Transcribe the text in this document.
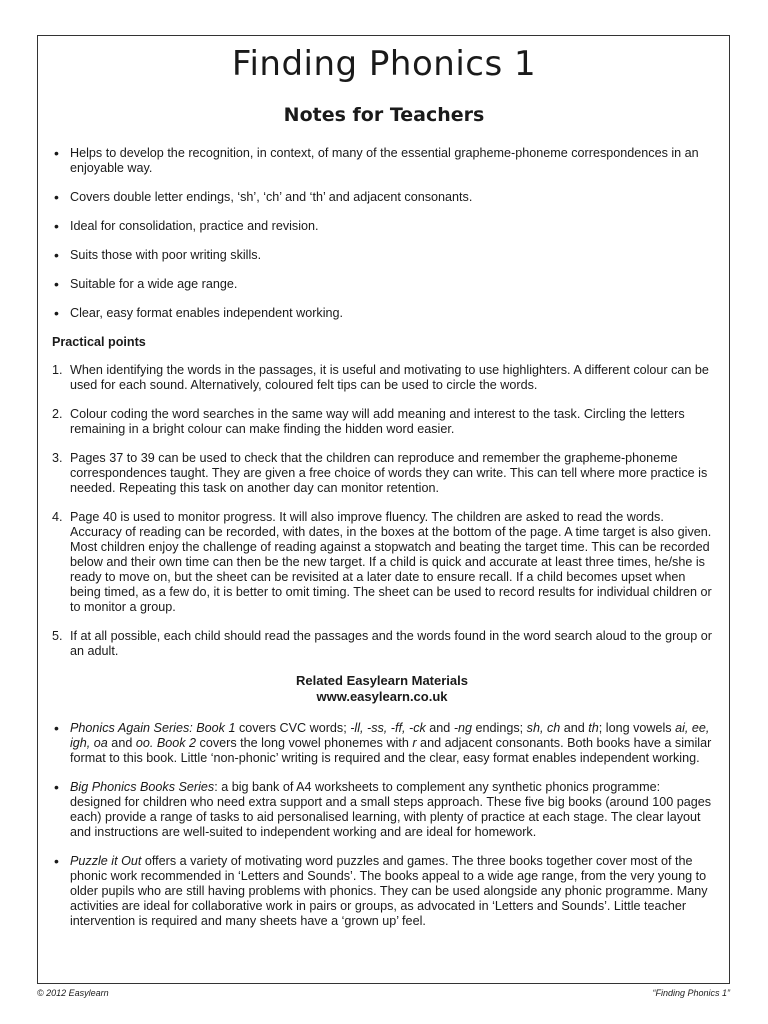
Finding Phonics 1
Notes for Teachers
• Helps to develop the recognition, in context, of many of the essential grapheme-phoneme correspondences in an enjoyable way.
• Covers double letter endings, ‘sh’, ‘ch’ and ‘th’ and adjacent consonants.
• Ideal for consolidation, practice and revision.
• Suits those with poor writing skills.
• Suitable for a wide age range.
• Clear, easy format enables independent working.
Practical points
1. When identifying the words in the passages, it is useful and motivating to use highlighters. A different colour can be used for each sound. Alternatively, coloured felt tips can be used to circle the words.
2. Colour coding the word searches in the same way will add meaning and interest to the task. Circling the letters remaining in a bright colour can make finding the hidden word easier.
3. Pages 37 to 39 can be used to check that the children can reproduce and remember the grapheme-phoneme correspondences taught. They are given a free choice of words they can write. This can tell where more practice is needed. Repeating this task on another day can monitor retention.
4. Page 40 is used to monitor progress. It will also improve fluency. The children are asked to read the words. Accuracy of reading can be recorded, with dates, in the boxes at the bottom of the page. A time target is also given. Most children enjoy the challenge of reading against a stopwatch and beating the target time. This can be recorded below and their own time can then be the new target. If a child is quick and accurate at least three times, he/she is ready to move on, but the sheet can be revisited at a later date to ensure recall. If a child becomes upset when being timed, as a few do, it is better to omit timing. The sheet can be used to record results for individual children or to monitor a group.
5. If at all possible, each child should read the passages and the words found in the word search aloud to the group or an adult.
Related Easylearn Materials
www.easylearn.co.uk
• Phonics Again Series: Book 1 covers CVC words; -ll, -ss, -ff, -ck and -ng endings; sh, ch and th; long vowels ai, ee, igh, oa and oo. Book 2 covers the long vowel phonemes with r and adjacent consonants. Both books have a similar format to this book. Little ‘non-phonic’ writing is required and the clear, easy format enables independent working.
• Big Phonics Books Series: a big bank of A4 worksheets to complement any synthetic phonics programme: designed for children who need extra support and a small steps approach. These five big books (around 100 pages each) provide a range of tasks to aid personalised learning, with plenty of practice at each stage. The clear layout and instructions are well-suited to independent working and are ideal for homework.
• Puzzle it Out offers a variety of motivating word puzzles and games. The three books together cover most of the phonic work recommended in ‘Letters and Sounds’. The books appeal to a wide age range, from the very young to older pupils who are still having problems with phonics. They can be used alongside any phonic programme. Many activities are ideal for collaborative work in pairs or groups, as advocated in ‘Letters and Sounds’. Little teacher intervention is required and many sheets have a ‘grown up’ feel.
© 2012 Easylearn	“Finding Phonics 1”
